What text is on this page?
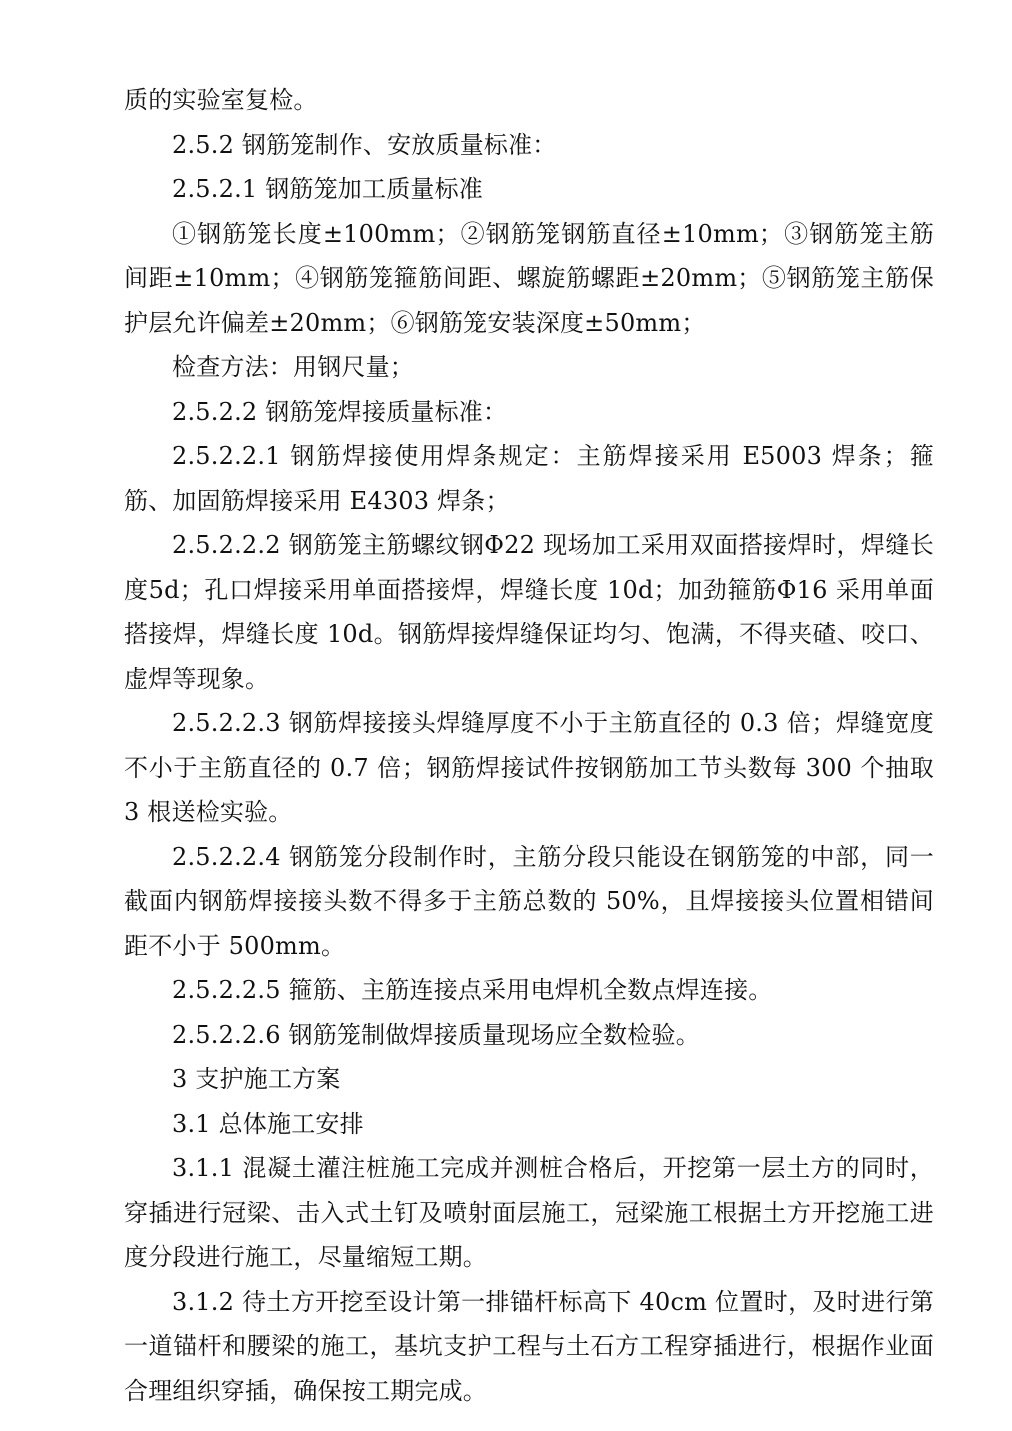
质的实验室复检。

2.5.2 钢筋笼制作、安放质量标准：

2.5.2.1 钢筋笼加工质量标准

①钢筋笼长度±100mm；②钢筋笼钢筋直径±10mm；③钢筋笼主筋间距±10mm；④钢筋笼箍筋间距、螺旋筋螺距±20mm；⑤钢筋笼主筋保护层允许偏差±20mm；⑥钢筋笼安装深度±50mm；

检查方法：用钢尺量；

2.5.2.2 钢筋笼焊接质量标准：

2.5.2.2.1 钢筋焊接使用焊条规定：主筋焊接采用 E5003 焊条；箍筋、加固筋焊接采用 E4303 焊条；

2.5.2.2.2 钢筋笼主筋螺纹钢Φ22 现场加工采用双面搭接焊时，焊缝长度5d；孔口焊接采用单面搭接焊，焊缝长度 10d；加劲箍筋Φ16 采用单面搭接焊，焊缝长度 10d。钢筋焊接焊缝保证均匀、饱满，不得夹碴、咬口、虚焊等现象。

2.5.2.2.3 钢筋焊接接头焊缝厚度不小于主筋直径的 0.3 倍；焊缝宽度不小于主筋直径的 0.7 倍；钢筋焊接试件按钢筋加工节头数每 300 个抽取 3 根送检实验。

2.5.2.2.4 钢筋笼分段制作时，主筋分段只能设在钢筋笼的中部，同一截面内钢筋焊接接头数不得多于主筋总数的 50%，且焊接接头位置相错间距不小于 500mm。

2.5.2.2.5 箍筋、主筋连接点采用电焊机全数点焊连接。

2.5.2.2.6 钢筋笼制做焊接质量现场应全数检验。

3 支护施工方案

3.1 总体施工安排

3.1.1 混凝土灌注桩施工完成并测桩合格后，开挖第一层土方的同时，穿插进行冠梁、击入式土钉及喷射面层施工，冠梁施工根据土方开挖施工进度分段进行施工，尽量缩短工期。

3.1.2 待土方开挖至设计第一排锚杆标高下 40cm 位置时，及时进行第一道锚杆和腰梁的施工，基坑支护工程与土石方工程穿插进行，根据作业面合理组织穿插，确保按工期完成。
